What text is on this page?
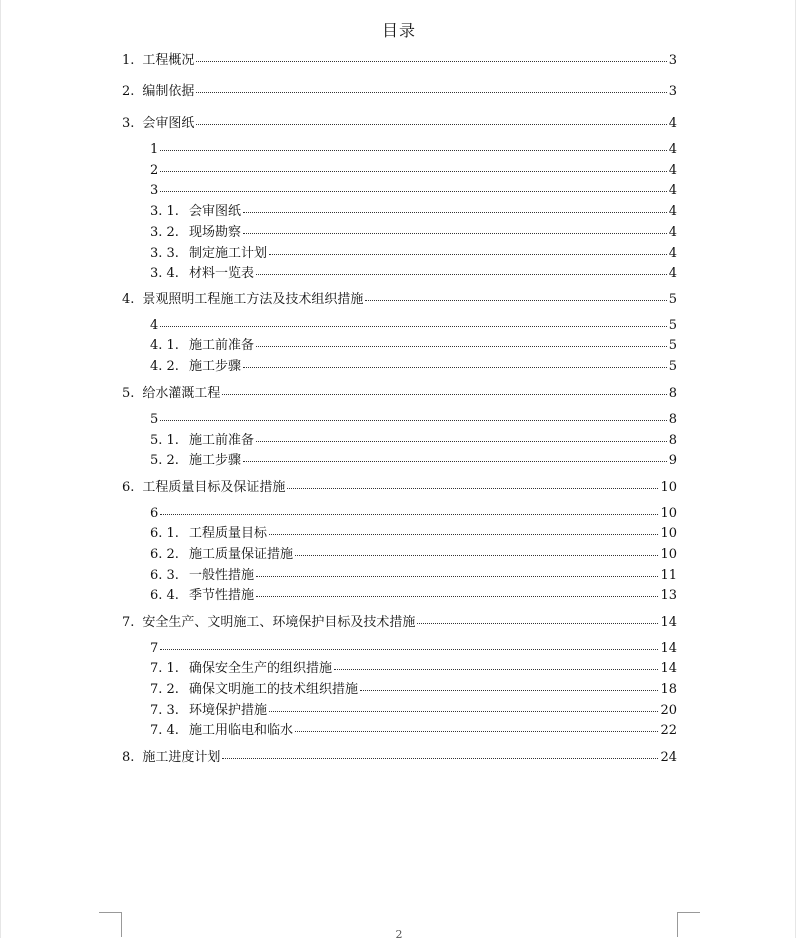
目录
1. 工程概况	3
2. 编制依据	3
3. 会审图纸	4
1	4
2	4
3	4
3. 1. 会审图纸	4
3. 2. 现场勘察	4
3. 3. 制定施工计划	4
3. 4. 材料一览表	4
4. 景观照明工程施工方法及技术组织措施	5
4	5
4. 1. 施工前准备	5
4. 2. 施工步骤	5
5. 给水灌溉工程	8
5	8
5. 1. 施工前准备	8
5. 2. 施工步骤	9
6. 工程质量目标及保证措施	10
6	10
6. 1. 工程质量目标	10
6. 2. 施工质量保证措施	10
6. 3. 一般性措施	11
6. 4. 季节性措施	13
7. 安全生产、文明施工、环境保护目标及技术措施	14
7	14
7. 1. 确保安全生产的组织措施	14
7. 2. 确保文明施工的技术组织措施	18
7. 3. 环境保护措施	20
7. 4. 施工用临电和临水	22
8. 施工进度计划	24
2
